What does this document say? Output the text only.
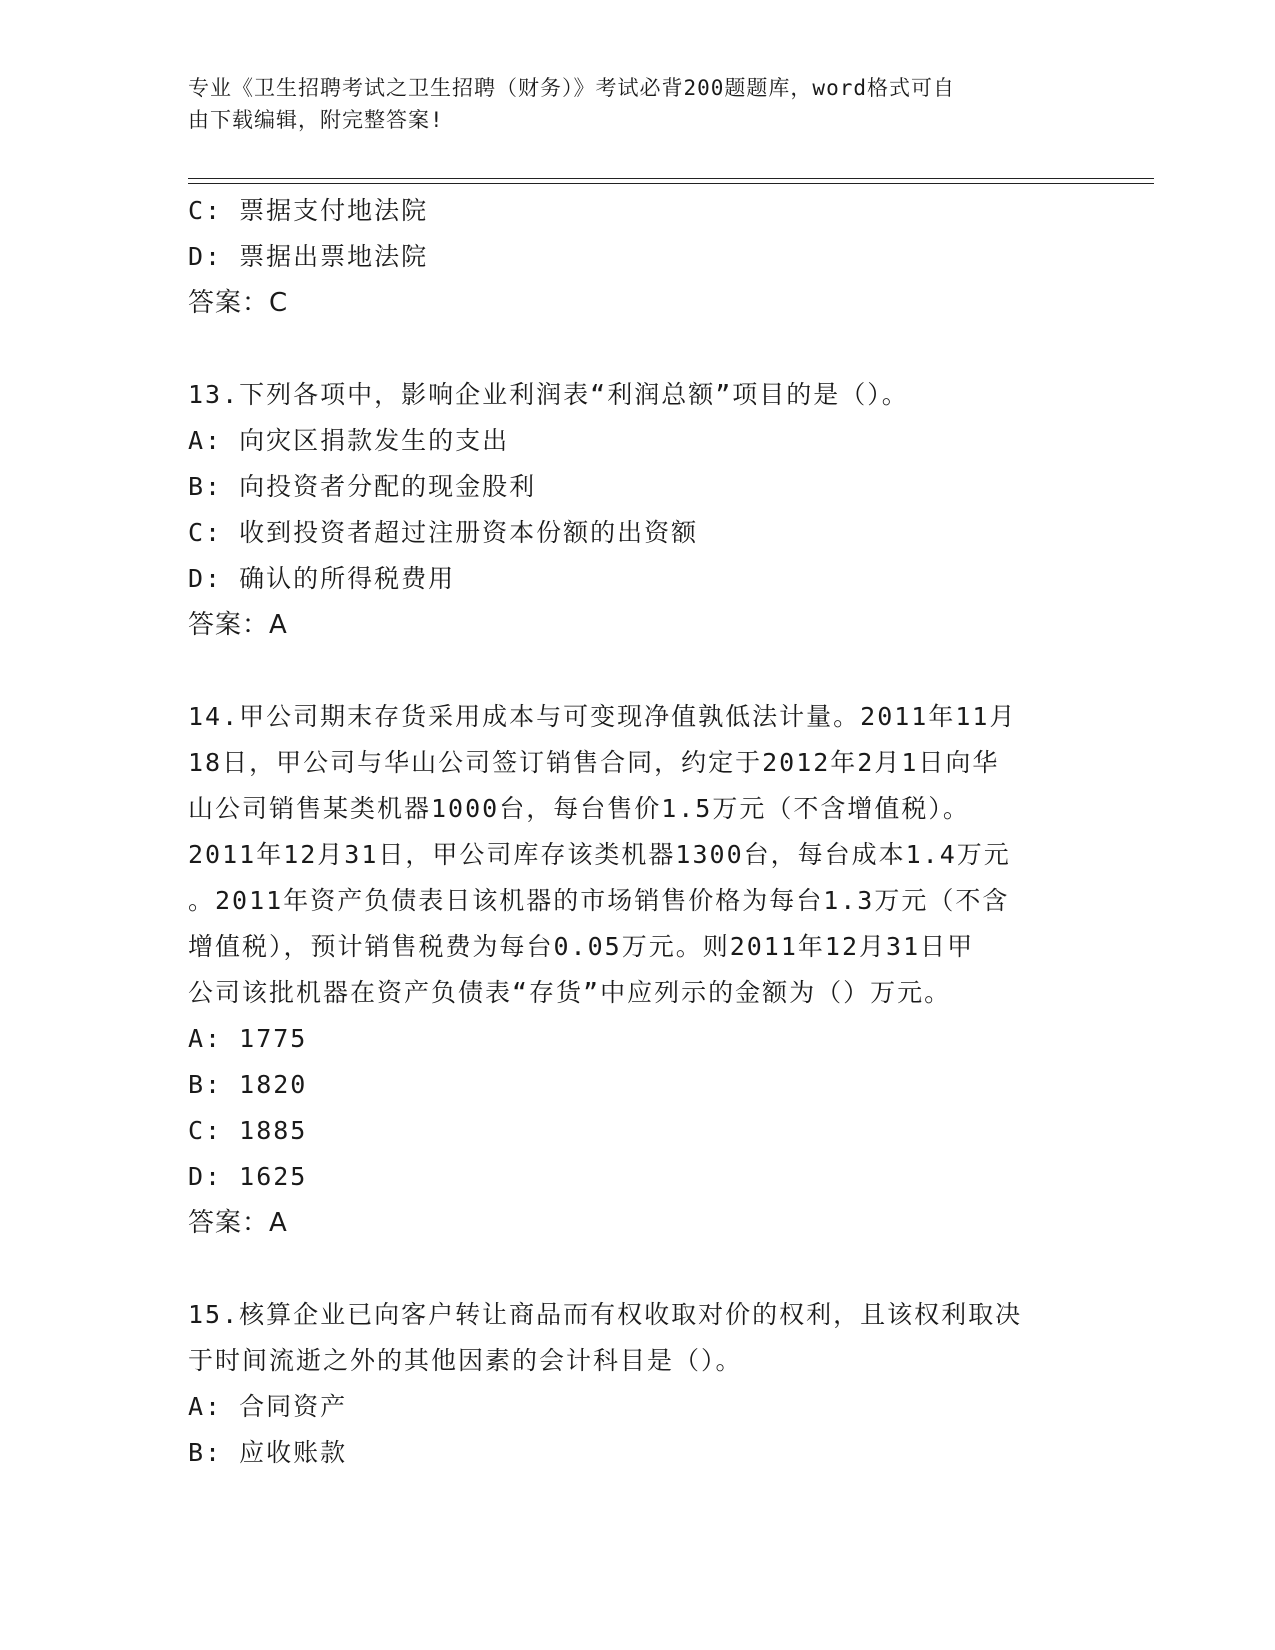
专业《卫生招聘考试之卫生招聘（财务）》考试必背200题题库，word格式可自
由下载编辑，附完整答案!
C: 票据支付地法院
D: 票据出票地法院
答案：C
13.下列各项中，影响企业利润表“利润总额”项目的是（）。
A: 向灾区捐款发生的支出
B: 向投资者分配的现金股利
C: 收到投资者超过注册资本份额的出资额
D: 确认的所得税费用
答案：A
14.甲公司期末存货采用成本与可变现净值孰低法计量。2011年11月
18日，甲公司与华山公司签订销售合同，约定于2012年2月1日向华
山公司销售某类机器1000台，每台售价1.5万元（不含增值税）。
2011年12月31日，甲公司库存该类机器1300台，每台成本1.4万元
。2011年资产负债表日该机器的市场销售价格为每台1.3万元（不含
增值税），预计销售税费为每台0.05万元。则2011年12月31日甲
公司该批机器在资产负债表“存货”中应列示的金额为（）万元。
A: 1775
B: 1820
C: 1885
D: 1625
答案：A
15.核算企业已向客户转让商品而有权收取对价的权利，且该权利取决
于时间流逝之外的其他因素的会计科目是（）。
A: 合同资产
B: 应收账款
